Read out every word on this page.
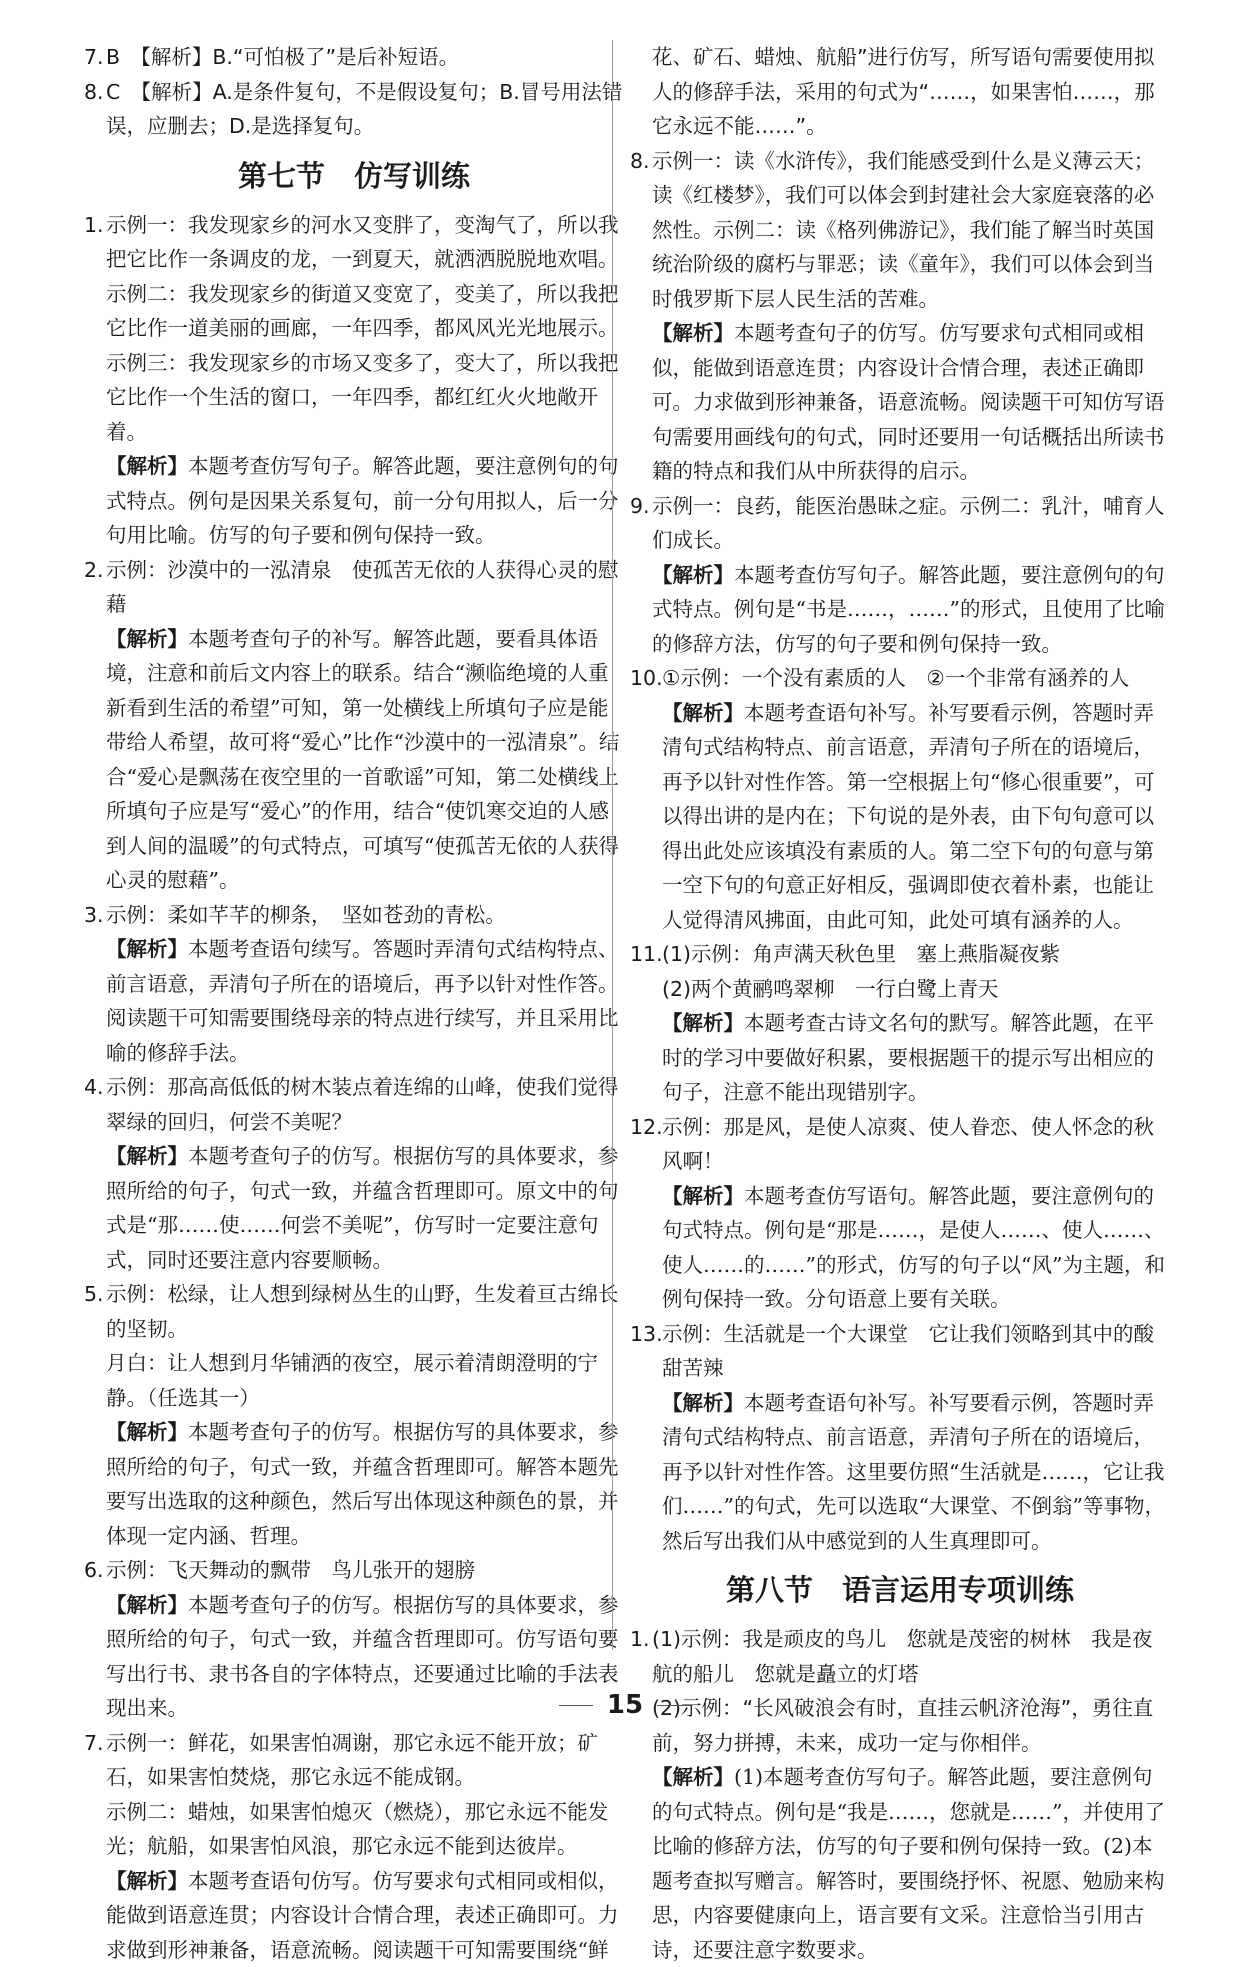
7. B　【解析】B.“可怕极了”是后补短语。
8. C　【解析】A.是条件复句，不是假设复句；B.冒号用法错误，应删去；D.是选择复句。
第七节　仿写训练
1. 示例一：我发现家乡的河水又变胖了，变淘气了，所以我把它比作一条调皮的龙，一到夏天，就洒洒脱脱地欢唱。
示例二：我发现家乡的街道又变宽了，变美了，所以我把它比作一道美丽的画廊，一年四季，都风风光光地展示。
示例三：我发现家乡的市场又变多了，变大了，所以我把它比作一个生活的窗口，一年四季，都红红火火地敞开着。
【解析】本题考查仿写句子。解答此题，要注意例句的句式特点。例句是因果关系复句，前一分句用拟人，后一分句用比喻。仿写的句子要和例句保持一致。
2. 示例：沙漠中的一泓清泉　使孤苦无依的人获得心灵的慰藉
【解析】本题考查句子的补写。解答此题，要看具体语境，注意和前后文内容上的联系。结合“濒临绝境的人重新看到生活的希望”可知，第一处横线上所填句子应是能带给人希望，故可将“爱心”比作“沙漠中的一泓清泉”。结合“爱心是飘荡在夜空里的一首歌谣”可知，第二处横线上所填句子应是写“爱心”的作用，结合“使饥寒交迫的人感到人间的温暖”的句式特点，可填写“使孤苦无依的人获得心灵的慰藉”。
3. 示例：柔如芊芊的柳条，　坚如苍劲的青松。
【解析】本题考查语句续写。答题时弄清句式结构特点、前言语意，弄清句子所在的语境后，再予以针对性作答。阅读题干可知需要围绕母亲的特点进行续写，并且采用比喻的修辞手法。
4. 示例：那高高低低的树木装点着连绵的山峰，使我们觉得翠绿的回归，何尝不美呢？
【解析】本题考查句子的仿写。根据仿写的具体要求，参照所给的句子，句式一致，并蕴含哲理即可。原文中的句式是“那……使……何尝不美呢”，仿写时一定要注意句式，同时还要注意内容要顺畅。
5. 示例：松绿，让人想到绿树丛生的山野，生发着亘古绵长的坚韧。
月白：让人想到月华铺洒的夜空，展示着清朗澄明的宁静。（任选其一）
【解析】本题考查句子的仿写。根据仿写的具体要求，参照所给的句子，句式一致，并蕴含哲理即可。解答本题先要写出选取的这种颜色，然后写出体现这种颜色的景，并体现一定内涵、哲理。
6. 示例：飞天舞动的飘带　鸟儿张开的翅膀
【解析】本题考查句子的仿写。根据仿写的具体要求，参照所给的句子，句式一致，并蕴含哲理即可。仿写语句要写出行书、隶书各自的字体特点，还要通过比喻的手法表现出来。
7. 示例一：鲜花，如果害怕凋谢，那它永远不能开放；矿石，如果害怕焚烧，那它永远不能成钢。
示例二：蜡烛，如果害怕熄灭（燃烧），那它永远不能发光；航船，如果害怕风浪，那它永远不能到达彼岸。
【解析】本题考查语句仿写。仿写要求句式相同或相似，能做到语意连贯；内容设计合情合理，表述正确即可。力求做到形神兼备，语意流畅。阅读题干可知需要围绕“鲜
花、矿石、蜡烛、航船”进行仿写，所写语句需要使用拟人的修辞手法，采用的句式为“……，如果害怕……，那它永远不能……”。
8. 示例一：读《水浒传》，我们能感受到什么是义薄云天；读《红楼梦》，我们可以体会到封建社会大家庭衰落的必然性。示例二：读《格列佛游记》，我们能了解当时英国统治阶级的腐朽与罪恶；读《童年》，我们可以体会到当时俄罗斯下层人民生活的苦难。
【解析】本题考查句子的仿写。仿写要求句式相同或相似，能做到语意连贯；内容设计合情合理，表述正确即可。力求做到形神兼备，语意流畅。阅读题干可知仿写语句需要用画线句的句式，同时还要用一句话概括出所读书籍的特点和我们从中所获得的启示。
9. 示例一：良药，能医治愚昧之症。示例二：乳汁，哺育人们成长。
【解析】本题考查仿写句子。解答此题，要注意例句的句式特点。例句是“书是……，……”的形式，且使用了比喻的修辞方法，仿写的句子要和例句保持一致。
10. ①示例：一个没有素质的人　②一个非常有涵养的人
【解析】本题考查语句补写。补写要看示例，答题时弄清句式结构特点、前言语意，弄清句子所在的语境后，再予以针对性作答。第一空根据上句“修心很重要”，可以得出讲的是内在；下句说的是外表，由下句句意可以得出此处应该填没有素质的人。第二空下句的句意与第一空下句的句意正好相反，强调即使衣着朴素，也能让人觉得清风拂面，由此可知，此处可填有涵养的人。
11. (1)示例：角声满天秋色里　塞上燕脂凝夜紫
(2)两个黄鹂鸣翠柳　一行白鹭上青天
【解析】本题考查古诗文名句的默写。解答此题，在平时的学习中要做好积累，要根据题干的提示写出相应的句子，注意不能出现错别字。
12. 示例：那是风，是使人凉爽、使人眷恋、使人怀念的秋风啊！
【解析】本题考查仿写语句。解答此题，要注意例句的句式特点。例句是“那是……，是使人……、使人……、使人……的……”的形式，仿写的句子以“风”为主题，和例句保持一致。分句语意上要有关联。
13. 示例：生活就是一个大课堂　它让我们领略到其中的酸甜苦辣
【解析】本题考查语句补写。补写要看示例，答题时弄清句式结构特点、前言语意，弄清句子所在的语境后，再予以针对性作答。这里要仿照“生活就是……，它让我们……”的句式，先可以选取“大课堂、不倒翁”等事物，然后写出我们从中感觉到的人生真理即可。
第八节　语言运用专项训练
1. (1)示例：我是顽皮的鸟儿　您就是茂密的树林　我是夜航的船儿　您就是矗立的灯塔
(2)示例：“长风破浪会有时，直挂云帆济沧海”，勇往直前，努力拼搏，未来，成功一定与你相伴。
【解析】(1)本题考查仿写句子。解答此题，要注意例句的句式特点。例句是“我是……，您就是……”，并使用了比喻的修辞方法，仿写的句子要和例句保持一致。(2)本题考查拟写赠言。解答时，要围绕抒怀、祝愿、勉励来构思，内容要健康向上，语言要有文采。注意恰当引用古诗，还要注意字数要求。
15
